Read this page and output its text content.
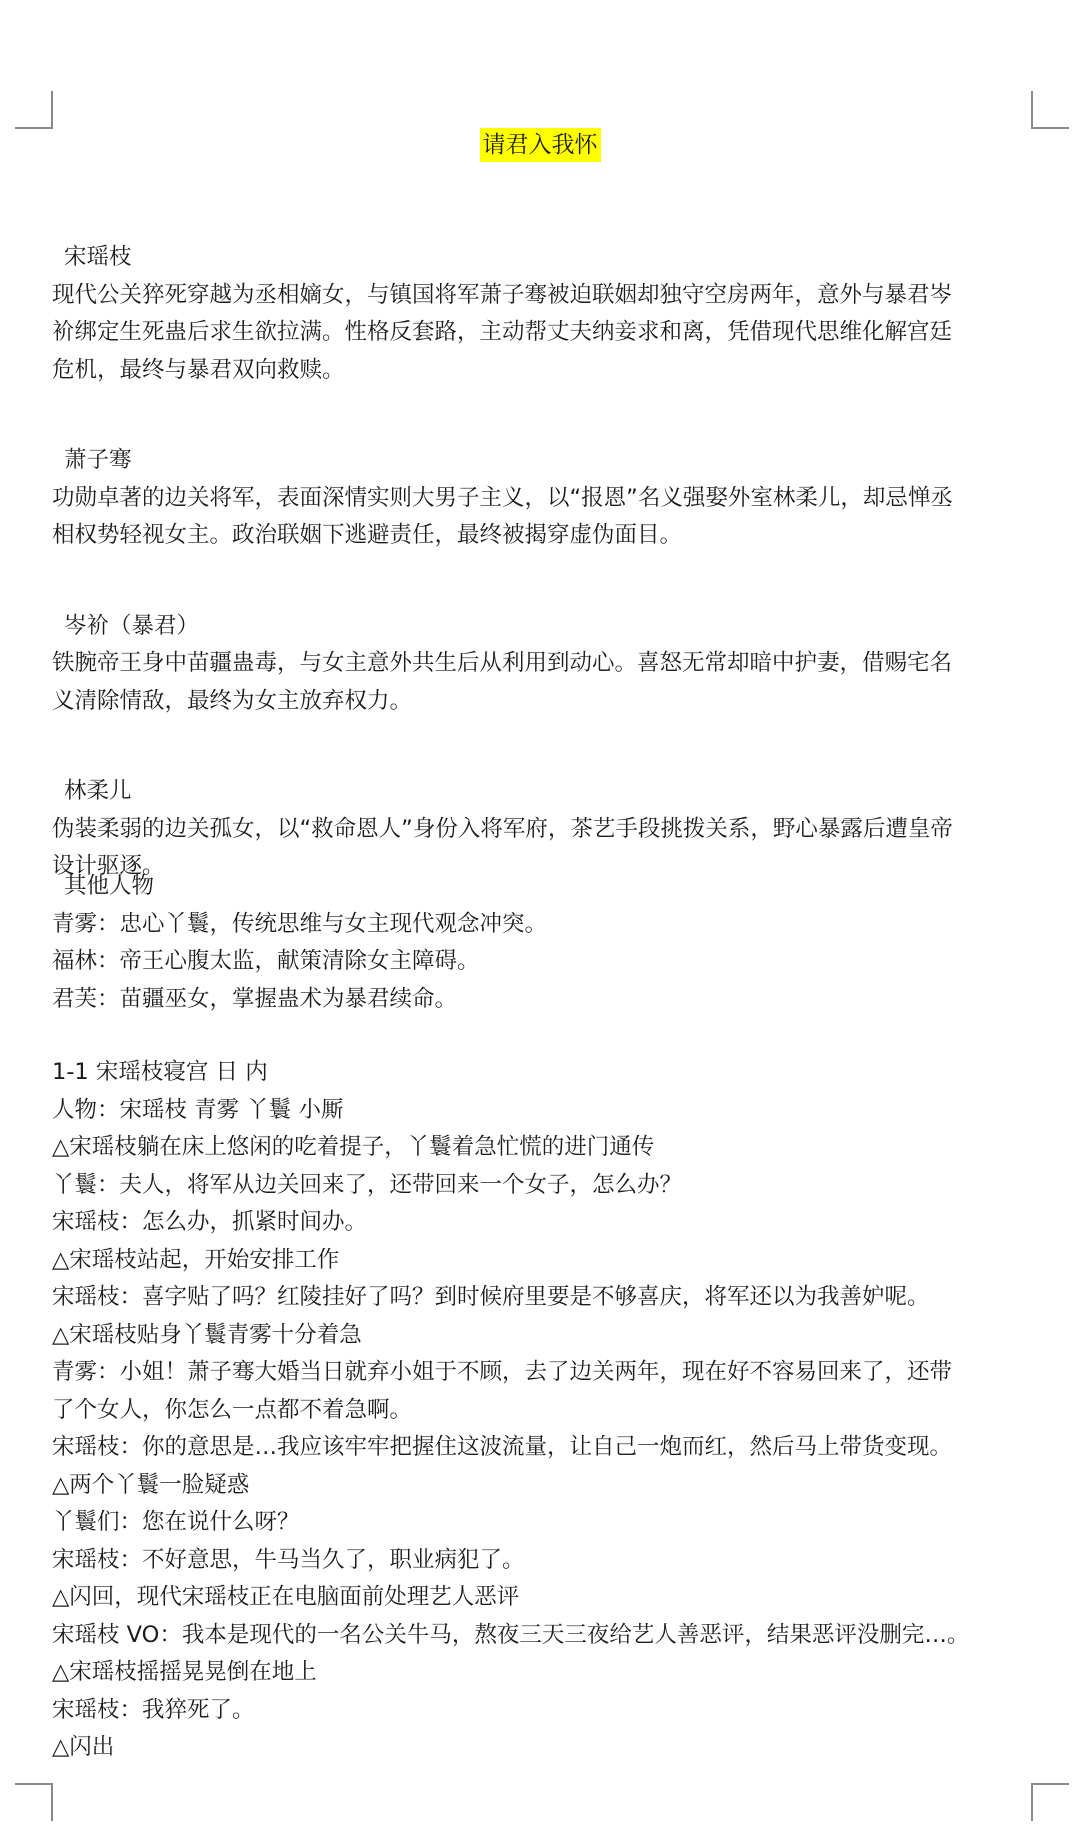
请君入我怀

宋瑶枝

现代公关猝死穿越为丞相嫡女，与镇国将军萧子骞被迫联姻却独守空房两年，意外与暴君岑

衸绑定生死蛊后求生欲拉满。性格反套路，主动帮丈夫纳妾求和离，凭借现代思维化解宫廷

危机，最终与暴君双向救赎。

萧子骞

功勋卓著的边关将军，表面深情实则大男子主义，以“报恩”名义强娶外室林柔儿，却忌惮丞

相权势轻视女主。政治联姻下逃避责任，最终被揭穿虚伪面目。

岑衸（暴君）

铁腕帝王身中苗疆蛊毒，与女主意外共生后从利用到动心。喜怒无常却暗中护妻，借赐宅名

义清除情敌，最终为女主放弃权力。

林柔儿

伪装柔弱的边关孤女，以“救命恩人”身份入将军府，茶艺手段挑拨关系，野心暴露后遭皇帝

设计驱逐。

其他人物

青雾：忠心丫鬟，传统思维与女主现代观念冲突。

福林：帝王心腹太监，献策清除女主障碍。

君芙：苗疆巫女，掌握蛊术为暴君续命。

1-1 宋瑶枝寝宫 日 内

人物：宋瑶枝 青雾 丫鬟 小厮

△宋瑶枝躺在床上悠闲的吃着提子，丫鬟着急忙慌的进门通传

丫鬟：夫人，将军从边关回来了，还带回来一个女子，怎么办？

宋瑶枝：怎么办，抓紧时间办。

△宋瑶枝站起，开始安排工作

宋瑶枝：喜字贴了吗？红陵挂好了吗？到时候府里要是不够喜庆，将军还以为我善妒呢。

△宋瑶枝贴身丫鬟青雾十分着急

青雾：小姐！萧子骞大婚当日就弃小姐于不顾，去了边关两年，现在好不容易回来了，还带

了个女人，你怎么一点都不着急啊。

宋瑶枝：你的意思是…我应该牢牢把握住这波流量，让自己一炮而红，然后马上带货变现。

△两个丫鬟一脸疑惑

丫鬟们：您在说什么呀？

宋瑶枝：不好意思，牛马当久了，职业病犯了。

△闪回，现代宋瑶枝正在电脑面前处理艺人恶评

宋瑶枝 VO：我本是现代的一名公关牛马，熬夜三天三夜给艺人善恶评，结果恶评没删完…。

△宋瑶枝摇摇晃晃倒在地上

宋瑶枝：我猝死了。

△闪出
